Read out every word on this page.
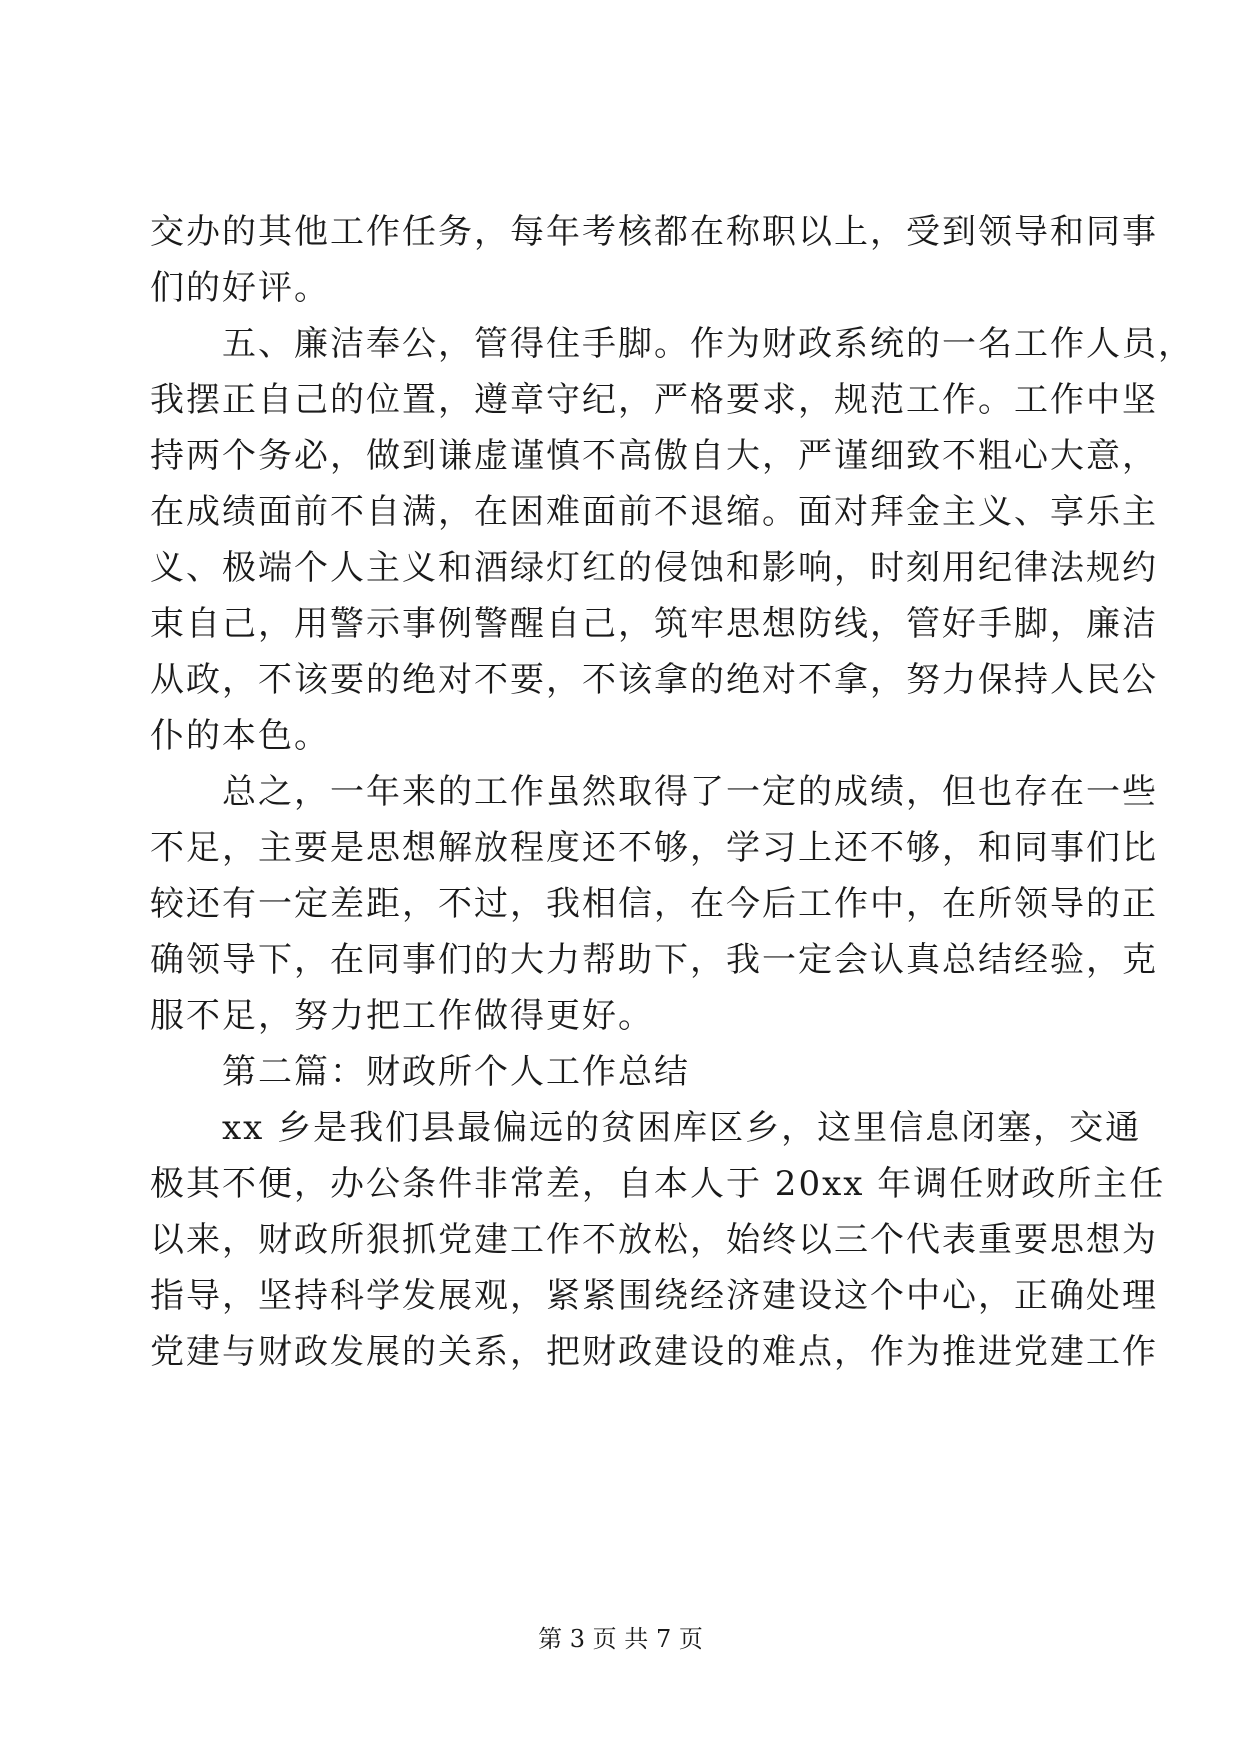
交办的其他工作任务，每年考核都在称职以上，受到领导和同事
们的好评。
　　五、廉洁奉公，管得住手脚。作为财政系统的一名工作人员，
我摆正自己的位置，遵章守纪，严格要求，规范工作。工作中坚
持两个务必，做到谦虚谨慎不高傲自大，严谨细致不粗心大意，
在成绩面前不自满，在困难面前不退缩。面对拜金主义、享乐主
义、极端个人主义和酒绿灯红的侵蚀和影响，时刻用纪律法规约
束自己，用警示事例警醒自己，筑牢思想防线，管好手脚，廉洁
从政，不该要的绝对不要，不该拿的绝对不拿，努力保持人民公
仆的本色。
　　总之，一年来的工作虽然取得了一定的成绩，但也存在一些
不足，主要是思想解放程度还不够，学习上还不够，和同事们比
较还有一定差距，不过，我相信，在今后工作中，在所领导的正
确领导下，在同事们的大力帮助下，我一定会认真总结经验，克
服不足，努力把工作做得更好。
　　第二篇：财政所个人工作总结
　　xx 乡是我们县最偏远的贫困库区乡，这里信息闭塞，交通
极其不便，办公条件非常差，自本人于 20xx 年调任财政所主任
以来，财政所狠抓党建工作不放松，始终以三个代表重要思想为
指导，坚持科学发展观，紧紧围绕经济建设这个中心，正确处理
党建与财政发展的关系，把财政建设的难点，作为推进党建工作
第 3 页 共 7 页
